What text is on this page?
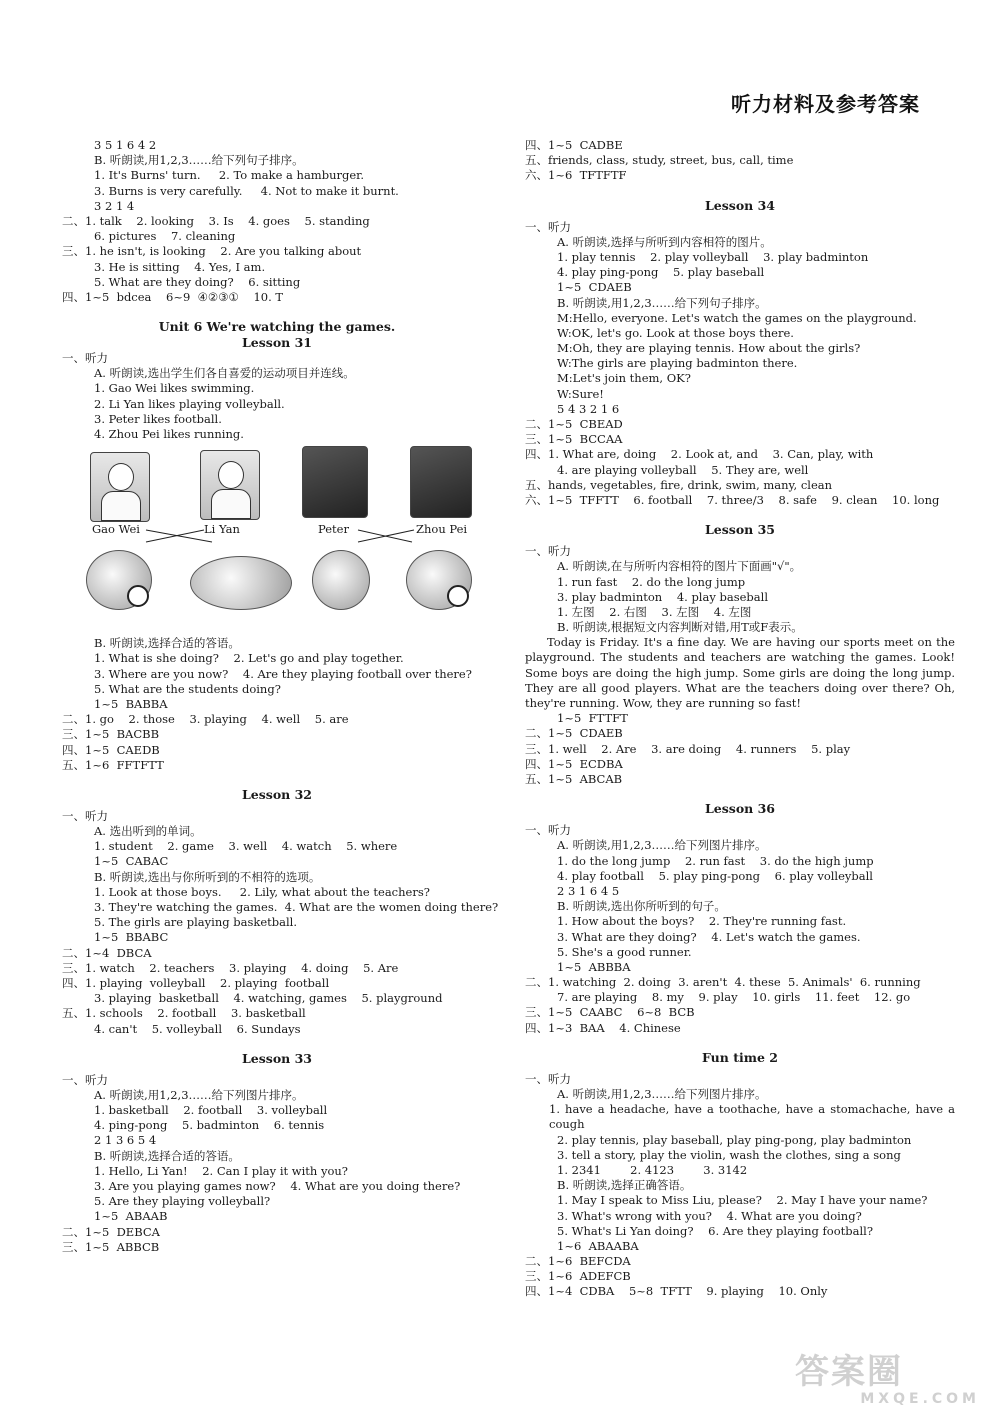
听力材料及参考答案
3 5 1 6 4 2
B. 听朗读,用1,2,3……给下列句子排序。
1. It's Burns' turn.     2. To make a hamburger.
3. Burns is very carefully.     4. Not to make it burnt.
3 2 1 4
二、1. talk    2. looking    3. Is    4. goes    5. standing
6. pictures    7. cleaning
三、1. he isn't, is looking    2. Are you talking about
3. He is sitting    4. Yes, I am.
5. What are they doing?    6. sitting
四、1~5  bdcea    6~9  ④②③①    10. T
Unit 6 We're watching the games.
Lesson 31
一、听力
A. 听朗读,选出学生们各自喜爱的运动项目并连线。
1. Gao Wei likes swimming.
2. Li Yan likes playing volleyball.
3. Peter likes football.
4. Zhou Pei likes running.
Gao Wei	Li Yan	Peter	Zhou Pei
B. 听朗读,选择合适的答语。
1. What is she doing?    2. Let's go and play together.
3. Where are you now?    4. Are they playing football over there?
5. What are the students doing?
1~5  BABBA
二、1. go    2. those    3. playing    4. well    5. are
三、1~5  BACBB
四、1~5  CAEDB
五、1~6  FFTFTT
Lesson 32
一、听力
A. 选出听到的单词。
1. student    2. game    3. well    4. watch    5. where
1~5  CABAC
B. 听朗读,选出与你所听到的不相符的选项。
1. Look at those boys.     2. Lily, what about the teachers?
3. They're watching the games.  4. What are the women doing there?
5. The girls are playing basketball.
1~5  BBABC
二、1~4  DBCA
三、1. watch    2. teachers    3. playing    4. doing    5. Are
四、1. playing  volleyball    2. playing  football
3. playing  basketball    4. watching, games    5. playground
五、1. schools    2. football    3. basketball
4. can't    5. volleyball    6. Sundays
Lesson 33
一、听力
A. 听朗读,用1,2,3……给下列图片排序。
1. basketball    2. football    3. volleyball
4. ping-pong    5. badminton    6. tennis
2 1 3 6 5 4
B. 听朗读,选择合适的答语。
1. Hello, Li Yan!    2. Can I play it with you?
3. Are you playing games now?    4. What are you doing there?
5. Are they playing volleyball?
1~5  ABAAB
二、1~5  DEBCA
三、1~5  ABBCB
四、1~5  CADBE
五、friends, class, study, street, bus, call, time
六、1~6  TFTFTF
Lesson 34
一、听力
A. 听朗读,选择与所听到内容相符的图片。
1. play tennis    2. play volleyball    3. play badminton
4. play ping-pong    5. play baseball
1~5  CDAEB
B. 听朗读,用1,2,3……给下列句子排序。
M:Hello, everyone. Let's watch the games on the playground.
W:OK, let's go. Look at those boys there.
M:Oh, they are playing tennis. How about the girls?
W:The girls are playing badminton there.
M:Let's join them, OK?
W:Sure!
5 4 3 2 1 6
二、1~5  CBEAD
三、1~5  BCCAA
四、1. What are, doing    2. Look at, and    3. Can, play, with
4. are playing volleyball    5. They are, well
五、hands, vegetables, fire, drink, swim, many, clean
六、1~5  TFFTT    6. football    7. three/3    8. safe    9. clean    10. long
Lesson 35
一、听力
A. 听朗读,在与所听内容相符的图片下面画"√"。
1. run fast    2. do the long jump
3. play badminton    4. play baseball
1. 左图    2. 右图    3. 左图    4. 左图
B. 听朗读,根据短文内容判断对错,用T或F表示。
Today is Friday. It's a fine day. We are having our sports meet on the playground. The students and teachers are watching the games. Look! Some boys are doing the high jump. Some girls are doing the long jump. They are all good players. What are the teachers doing over there? Oh, they're running. Wow, they are running so fast!
1~5  FTTFT
二、1~5  CDAEB
三、1. well    2. Are    3. are doing    4. runners    5. play
四、1~5  ECDBA
五、1~5  ABCAB
Lesson 36
一、听力
A. 听朗读,用1,2,3……给下列图片排序。
1. do the long jump    2. run fast    3. do the high jump
4. play football    5. play ping-pong    6. play volleyball
2 3 1 6 4 5
B. 听朗读,选出你所听到的句子。
1. How about the boys?    2. They're running fast.
3. What are they doing?    4. Let's watch the games.
5. She's a good runner.
1~5  ABBBA
二、1. watching  2. doing  3. aren't  4. these  5. Animals'  6. running
7. are playing    8. my    9. play    10. girls    11. feet    12. go
三、1~5  CAABC    6~8  BCB
四、1~3  BAA    4. Chinese
Fun time 2
一、听力
A. 听朗读,用1,2,3……给下列图片排序。
1. have a headache, have a toothache, have a stomachache, have a cough
2. play tennis, play baseball, play ping-pong, play badminton
3. tell a story, play the violin, wash the clothes, sing a song
1. 2341        2. 4123        3. 3142
B. 听朗读,选择正确答语。
1. May I speak to Miss Liu, please?    2. May I have your name?
3. What's wrong with you?    4. What are you doing?
5. What's Li Yan doing?    6. Are they playing football?
1~6  ABAABA
二、1~6  BEFCDA
三、1~6  ADEFCB
四、1~4  CDBA    5~8  TFTT    9. playing    10. Only
答案圈
MXQE.COM
